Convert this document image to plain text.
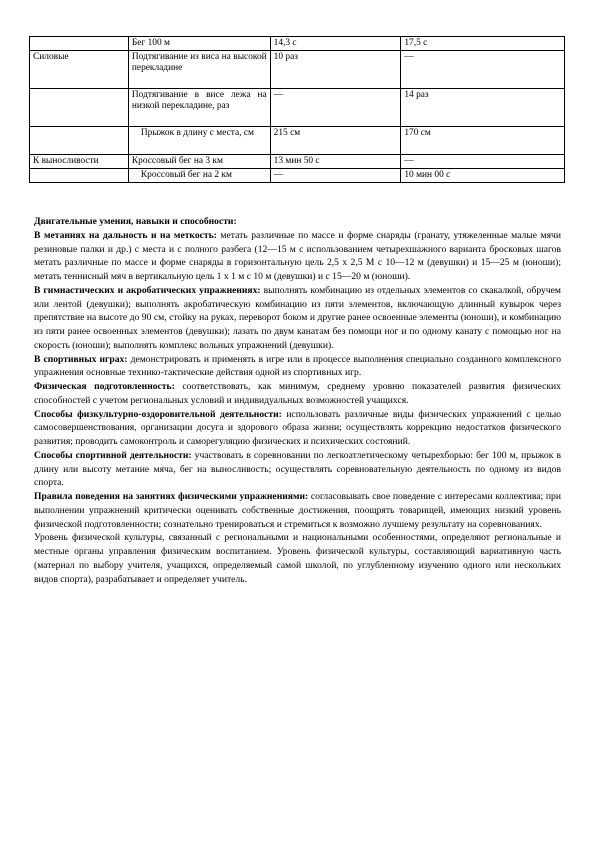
	Бег 100 м	14,3 с	17,5 с
Силовые	Подтягивание из виса на высокой перекладине	10 раз	—
	Подтягивание в висе лежа на низкой перекладине, раз	—	14 раз
	Прыжок в длину с места, см	215 см	170 см
К выносливости	Кроссовый бег на 3 км	13 мин 50 с	—
	Кроссовый бег на 2 км	—	10 мин 00 с

Двигательные умения, навыки и способности:

В метаниях на дальность и на меткость: метать различные по массе и форме снаряды (гранату, утяжеленные малые мячи резиновые палки и др.) с места и с полного разбега (12—15 м с использованием четырехшажного варианта бросковых шагов метать различные по массе и форме снаряды в горизонтальную цель 2,5 х 2,5 М с 10—12 м (девушки) и 15—25 м (юноши); метать теннисный мяч в вертикальную цель 1 х 1 м с 10 м (девушки) и с 15—20 м (юноши).

В гимнастических и акробатических упражнениях: выполнять комбинацию из отдельных элементов со скакалкой, обручем или лентой (девушки); выполнять акробатическую комбинацию из пяти элементов, включающую длинный кувырок через препятствие на высоте до 90 см, стойку на руках, переворот боком и другие ранее освоенные элементы (юноши), и комбинацию из пяти ранее освоенных элементов (девушки); лазать по двум канатам без помощи ног и по одному канату с помощью ног на скорость (юноши); выполнять комплекс вольных упражнений (девушки).

В спортивных играх: демонстрировать и применять в игре или в процессе выполнения специально созданного комплексного упражнения основные технико-тактические действия одной из спортивных игр.

Физическая подготовленность: соответствовать, как минимум, среднему уровню показателей развития физических способностей с учетом региональных условий и индивидуальных возможностей учащихся.

Способы физкультурно-оздоровительной деятельности: использовать различные виды физических упражнений с целью самосовершенствования, организации досуга и здорового образа жизни; осуществлять коррекцию недостатков физического развития; проводить самоконтроль и саморегуляцию физических и психических состояний.

Способы спортивной деятельности: участвовать в соревновании по легкоатлетическому четырехборью: бег 100 м, прыжок в длину или высоту метание мяча, бег на выносливость; осуществлять соревновательную деятельность по одному из видов спорта.

Правила поведения на занятиях физическими упражнениями: согласовывать свое поведение с интересами коллектива; при выполнении упражнений критически оценивать собственные достижения, поощрять товарищей, имеющих низкий уровень физической подготовленности; сознательно тренироваться и стремиться к возможно лучшему результату на соревнованиях.

Уровень физической культуры, связанный с региональными и национальными особенностями, определяют региональные и местные органы управления физическим воспитанием. Уровень физической культуры, составляющий вариативную часть (материал по выбору учителя, учащихся, определяемый самой школой, по углубленному изучению одного или нескольких видов спорта), разрабатывает и определяет учитель.
